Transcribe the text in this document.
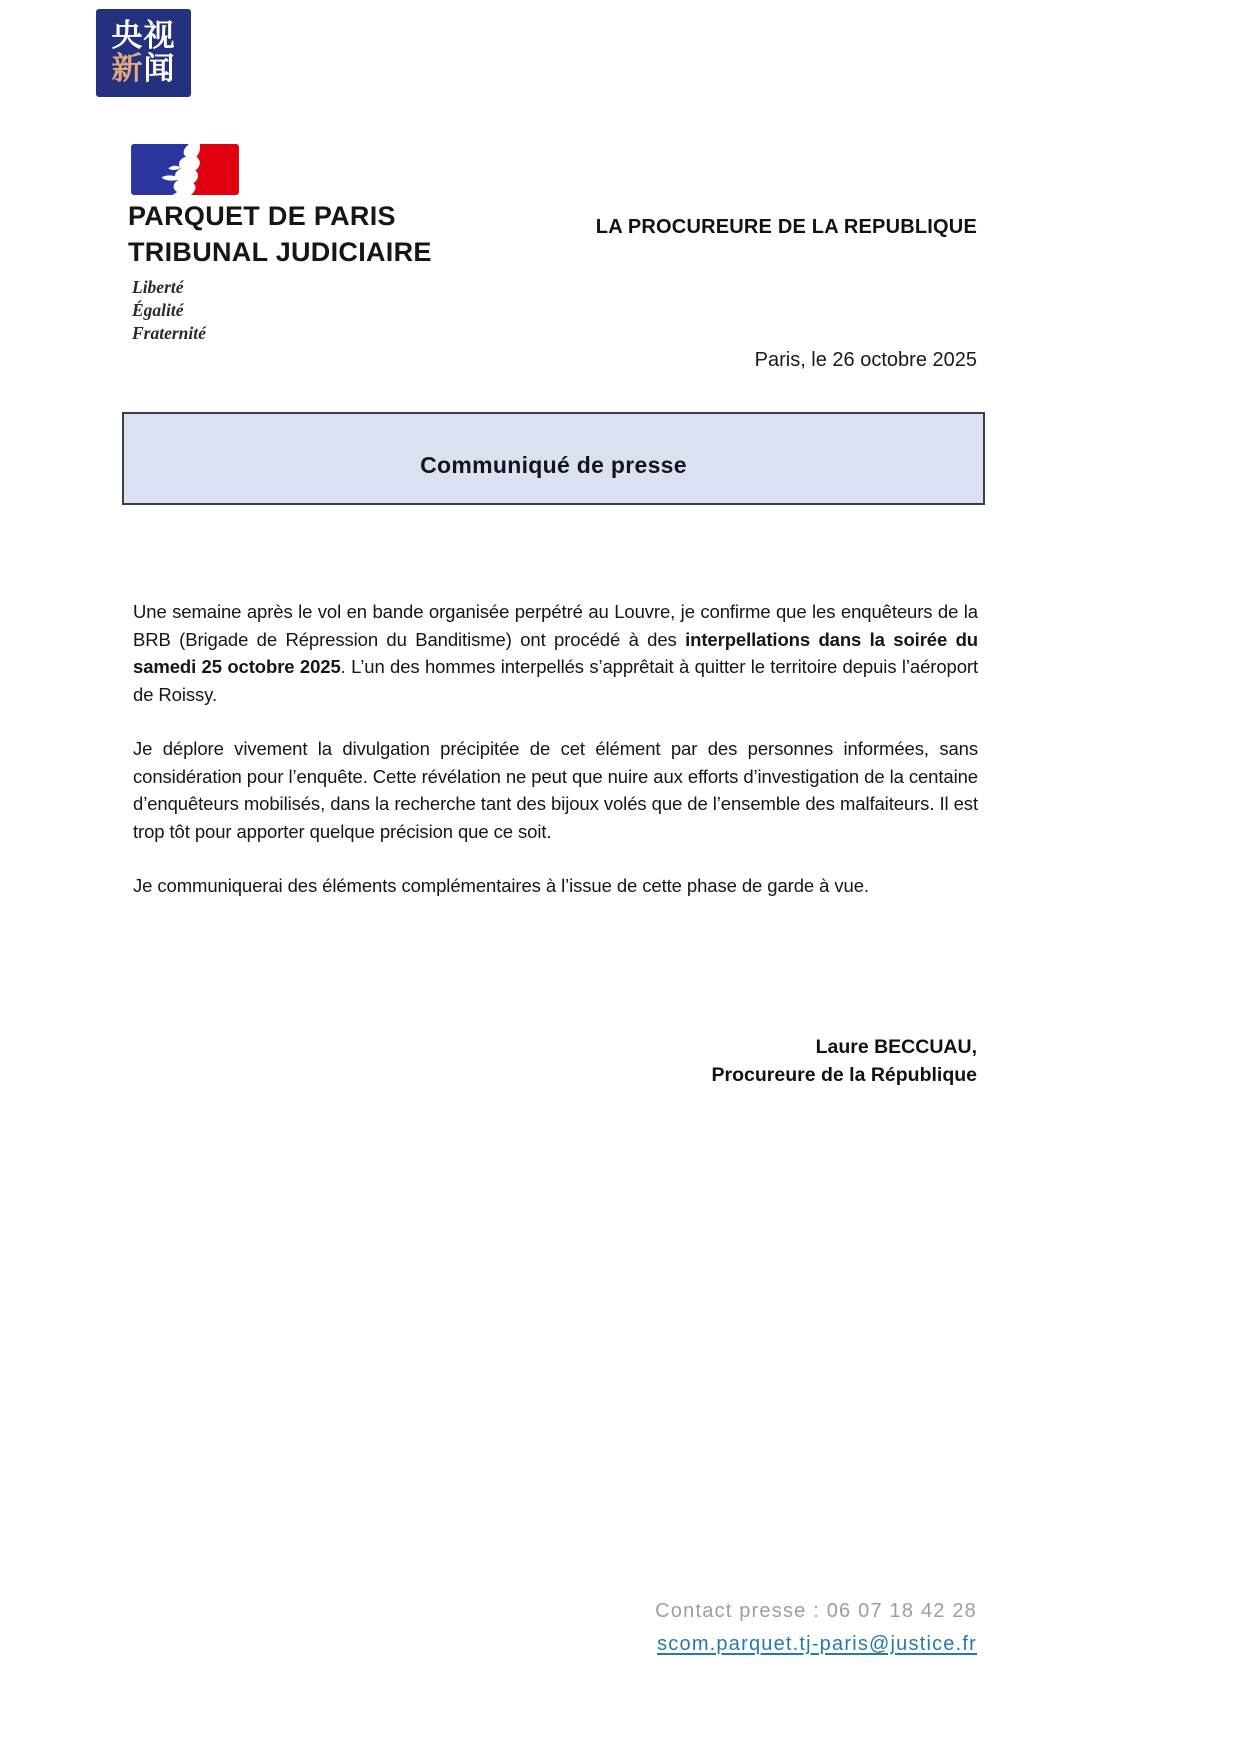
央视
新闻
PARQUET DE PARIS
TRIBUNAL JUDICIAIRE
Liberté
Égalité
Fraternité
LA PROCUREURE DE LA REPUBLIQUE
Paris, le 26 octobre 2025
Communiqué de presse

Une semaine après le vol en bande organisée perpétré au Louvre, je confirme que les enquêteurs de la BRB (Brigade de Répression du Banditisme) ont procédé à des interpellations dans la soirée du samedi 25 octobre 2025. L’un des hommes interpellés s’apprêtait à quitter le territoire depuis l’aéroport de Roissy.

Je déplore vivement la divulgation précipitée de cet élément par des personnes informées, sans considération pour l’enquête. Cette révélation ne peut que nuire aux efforts d’investigation de la centaine d’enquêteurs mobilisés, dans la recherche tant des bijoux volés que de l’ensemble des malfaiteurs. Il est trop tôt pour apporter quelque précision que ce soit.

Je communiquerai des éléments complémentaires à l’issue de cette phase de garde à vue.

Laure BECCUAU,
Procureure de la République
Contact presse : 06 07 18 42 28
scom.parquet.tj-paris@justice.fr
